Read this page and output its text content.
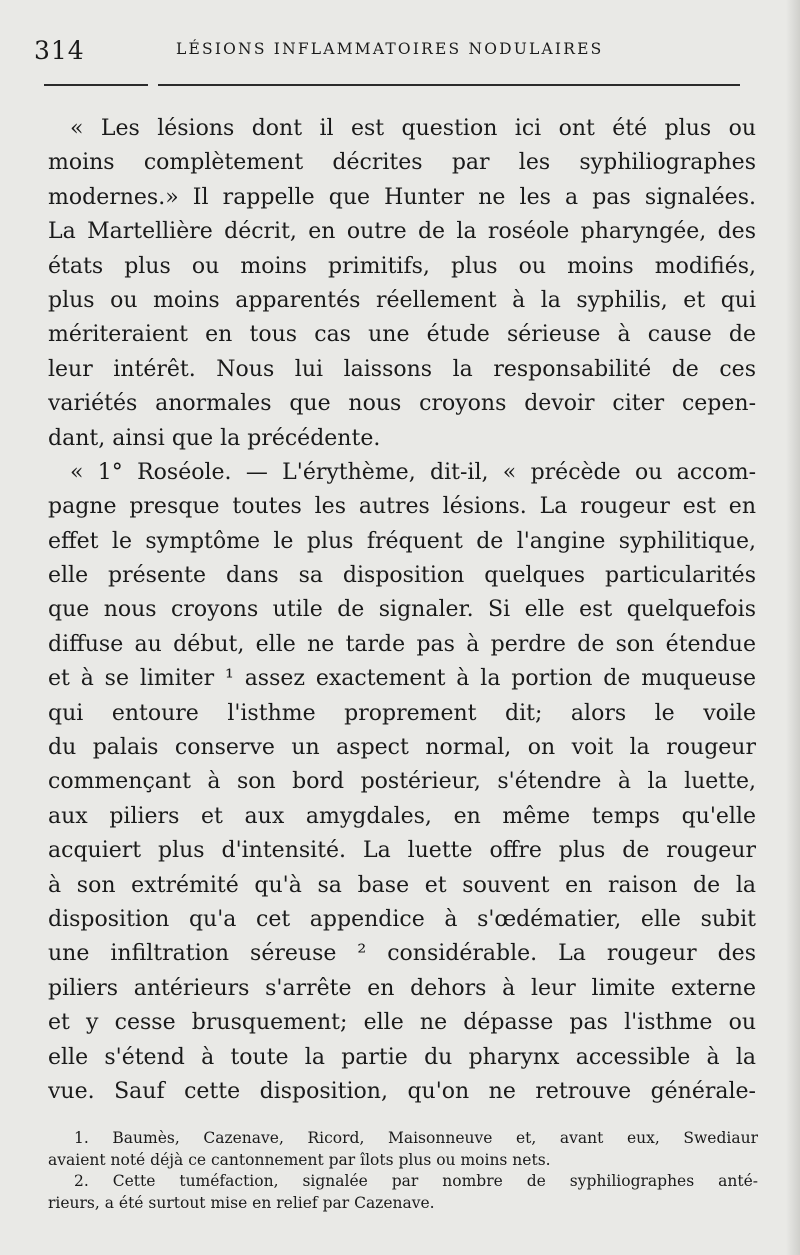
314	LÉSIONS INFLAMMATOIRES NODULAIRES
« Les lésions dont il est question ici ont été plus ou
moins complètement décrites par les syphiliographes
modernes.» Il rappelle que Hunter ne les a pas signalées.
La Martellière décrit, en outre de la roséole pharyngée, des
états plus ou moins primitifs, plus ou moins modifiés,
plus ou moins apparentés réellement à la syphilis, et qui
mériteraient en tous cas une étude sérieuse à cause de
leur intérêt. Nous lui laissons la responsabilité de ces
variétés anormales que nous croyons devoir citer cepen-
dant, ainsi que la précédente.
« 1° Roséole. — L'érythème, dit-il, « précède ou accom-
pagne presque toutes les autres lésions. La rougeur est en
effet le symptôme le plus fréquent de l'angine syphilitique,
elle présente dans sa disposition quelques particularités
que nous croyons utile de signaler. Si elle est quelquefois
diffuse au début, elle ne tarde pas à perdre de son étendue
et à se limiter ¹ assez exactement à la portion de muqueuse
qui entoure l'isthme proprement dit; alors le voile
du palais conserve un aspect normal, on voit la rougeur
commençant à son bord postérieur, s'étendre à la luette,
aux piliers et aux amygdales, en même temps qu'elle
acquiert plus d'intensité. La luette offre plus de rougeur
à son extrémité qu'à sa base et souvent en raison de la
disposition qu'a cet appendice à s'œdématier, elle subit
une infiltration séreuse ² considérable. La rougeur des
piliers antérieurs s'arrête en dehors à leur limite externe
et y cesse brusquement; elle ne dépasse pas l'isthme ou
elle s'étend à toute la partie du pharynx accessible à la
vue. Sauf cette disposition, qu'on ne retrouve générale-
1. Baumès, Cazenave, Ricord, Maisonneuve et, avant eux, Swediaur
avaient noté déjà ce cantonnement par îlots plus ou moins nets.
2. Cette tuméfaction, signalée par nombre de syphiliographes anté-
rieurs, a été surtout mise en relief par Cazenave.
